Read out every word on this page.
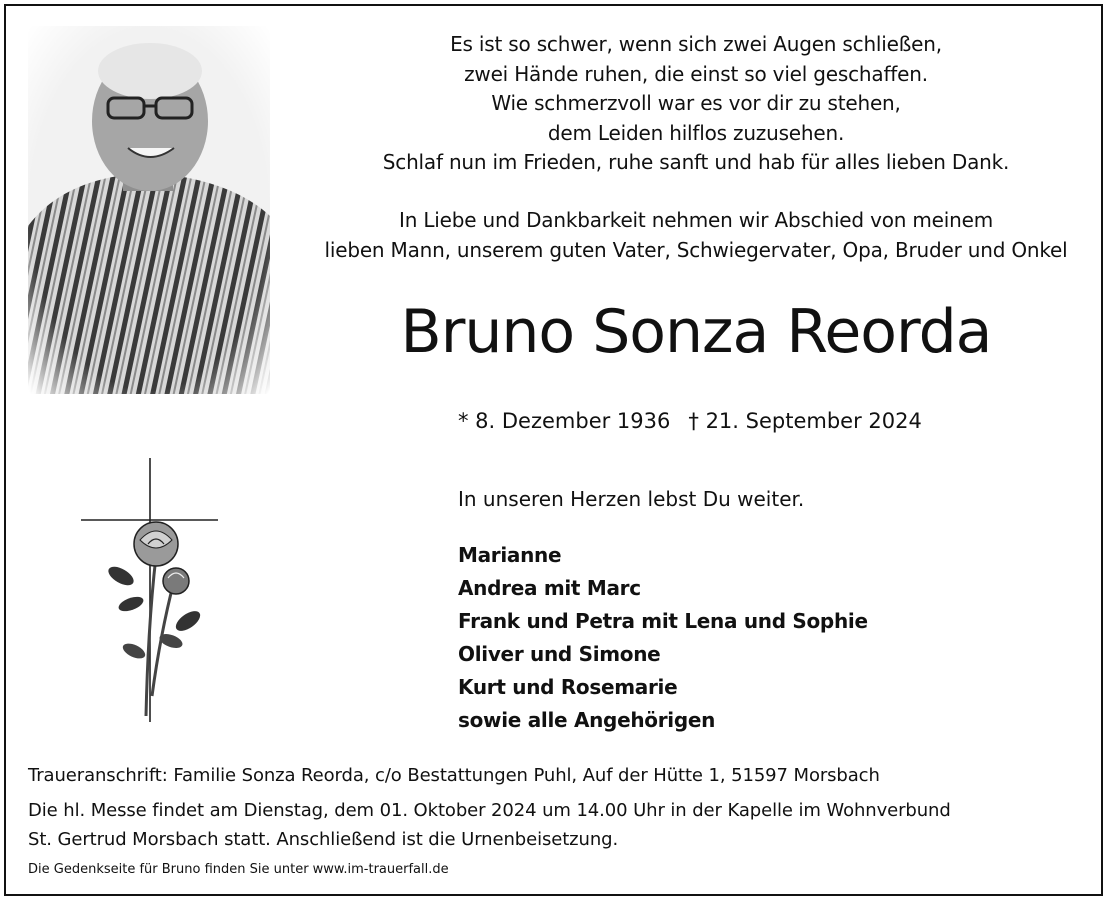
Es ist so schwer, wenn sich zwei Augen schließen,
zwei Hände ruhen, die einst so viel geschaffen.
Wie schmerzvoll war es vor dir zu stehen,
dem Leiden hilflos zuzusehen.
Schlaf nun im Frieden, ruhe sanft und hab für alles lieben Dank.
In Liebe und Dankbarkeit nehmen wir Abschied von meinem
lieben Mann, unserem guten Vater, Schwiegervater, Opa, Bruder und Onkel
Bruno Sonza Reorda
* 8. Dezember 1936 † 21. September 2024
In unseren Herzen lebst Du weiter.
Marianne
Andrea mit Marc
Frank und Petra mit Lena und Sophie
Oliver und Simone
Kurt und Rosemarie
sowie alle Angehörigen
Traueranschrift: Familie Sonza Reorda, c/o Bestattungen Puhl, Auf der Hütte 1, 51597 Morsbach
Die hl. Messe findet am Dienstag, dem 01. Oktober 2024 um 14.00 Uhr in der Kapelle im Wohnverbund
St. Gertrud Morsbach statt. Anschließend ist die Urnenbeisetzung.
Die Gedenkseite für Bruno finden Sie unter www.im-trauerfall.de
